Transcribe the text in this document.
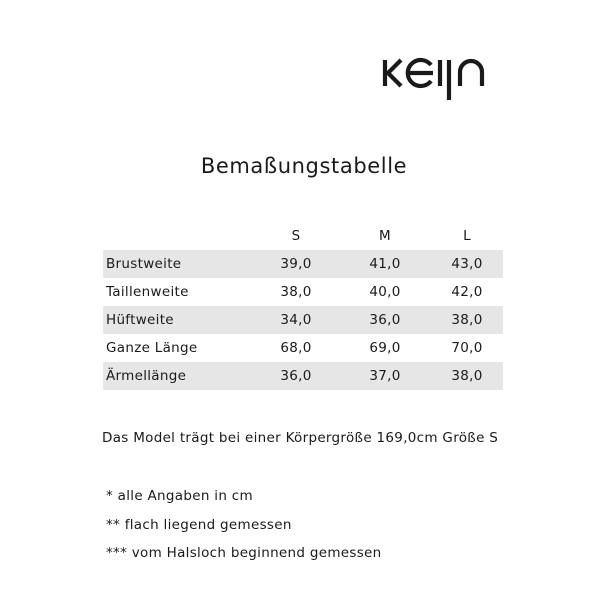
Bemaßungstabelle
	S	M	L
Brustweite	39,0	41,0	43,0
Taillenweite	38,0	40,0	42,0
Hüftweite	34,0	36,0	38,0
Ganze Länge	68,0	69,0	70,0
Ärmellänge	36,0	37,0	38,0
Das Model trägt bei einer Körpergröße 169,0cm Größe S
* alle Angaben in cm
** flach liegend gemessen
*** vom Halsloch beginnend gemessen
